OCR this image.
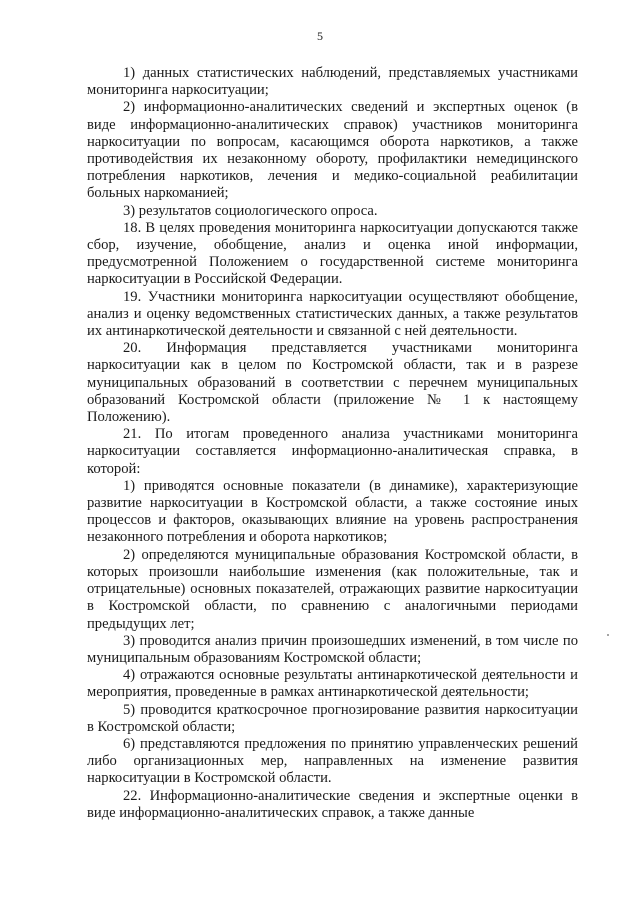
5

1) данных статистических наблюдений, представляемых участниками мониторинга наркоситуации;

2) информационно-аналитических сведений и экспертных оценок (в виде информационно-аналитических справок) участников мониторинга наркоситуации по вопросам, касающимся оборота наркотиков, а также противодействия их незаконному обороту, профилактики немедицинского потребления наркотиков, лечения и медико-социальной реабилитации больных наркоманией;

3) результатов социологического опроса.

18. В целях проведения мониторинга наркоситуации допускаются также сбор, изучение, обобщение, анализ и оценка иной информации, предусмотренной Положением о государственной системе мониторинга наркоситуации в Российской Федерации.

19. Участники мониторинга наркоситуации осуществляют обобщение, анализ и оценку ведомственных статистических данных, а также результатов их антинаркотической деятельности и связанной с ней деятельности.

20. Информация представляется участниками мониторинга наркоситуации как в целом по Костромской области, так и в разрезе муниципальных образований в соответствии с перечнем муниципальных образований Костромской области (приложение № 1 к настоящему Положению).

21. По итогам проведенного анализа участниками мониторинга наркоситуации составляется информационно-аналитическая справка, в которой:

1) приводятся основные показатели (в динамике), характеризующие развитие наркоситуации в Костромской области, а также состояние иных процессов и факторов, оказывающих влияние на уровень распространения незаконного потребления и оборота наркотиков;

2) определяются муниципальные образования Костромской области, в которых произошли наибольшие изменения (как положительные, так и отрицательные) основных показателей, отражающих развитие наркоситуации в Костромской области, по сравнению с аналогичными периодами предыдущих лет;

3) проводится анализ причин произошедших изменений, в том числе по муниципальным образованиям Костромской области;

4) отражаются основные результаты антинаркотической деятельности и мероприятия, проведенные в рамках антинаркотической деятельности;

5) проводится краткосрочное прогнозирование развития наркоситуации в Костромской области;

6) представляются предложения по принятию управленческих решений либо организационных мер, направленных на изменение развития наркоситуации в Костромской области.

22. Информационно-аналитические сведения и экспертные оценки в виде информационно-аналитических справок, а также данные
